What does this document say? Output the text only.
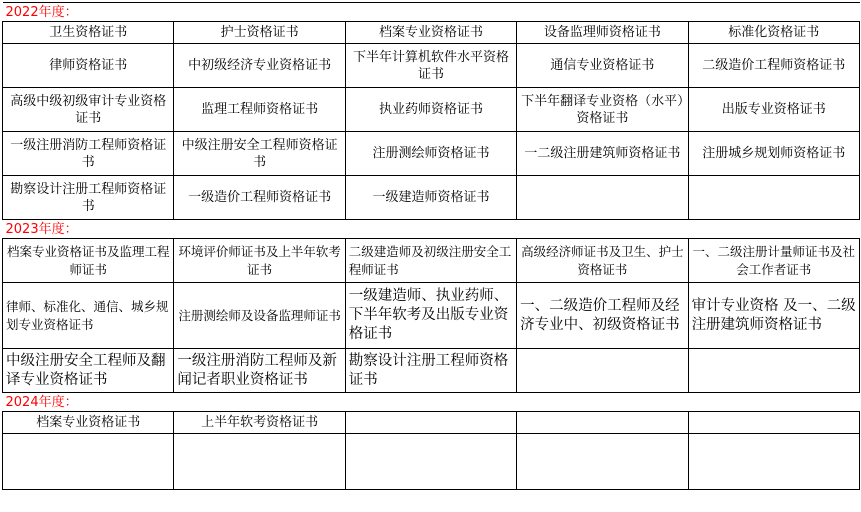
2022年度：				
卫生资格证书	护士资格证书	档案专业资格证书	设备监理师资格证书	标准化资格证书
律师资格证书	中初级经济专业资格证书	下半年计算机软件水平资格证书	通信专业资格证书	二级造价工程师资格证书
高级中级初级审计专业资格证书	监理工程师资格证书	执业药师资格证书	下半年翻译专业资格（水平）资格证书	出版专业资格证书
一级注册消防工程师资格证书	中级注册安全工程师资格证书	注册测绘师资格证书	一二级注册建筑师资格证书	注册城乡规划师资格证书
勘察设计注册工程师资格证书	一级造价工程师资格证书	一级建造师资格证书		
2023年度：				
档案专业资格证书及监理工程师证书	环境评价师证书及上半年软考证书	二级建造师及初级注册安全工程师证书	高级经济师证书及卫生、护士资格证书	一、二级注册计量师证书及社会工作者证书
律师、标准化、通信、城乡规划专业资格证书	注册测绘师及设备监理师证书	一级建造师、执业药师、下半年软考及出版专业资格证书	一、二级造价工程师及经济专业中、初级资格证书	审计专业资格 及一、二级注册建筑师资格证书
中级注册安全工程师及翻译专业资格证书	一级注册消防工程师及新闻记者职业资格证书	勘察设计注册工程师资格证书		
2024年度：				
档案专业资格证书	上半年软考资格证书			
